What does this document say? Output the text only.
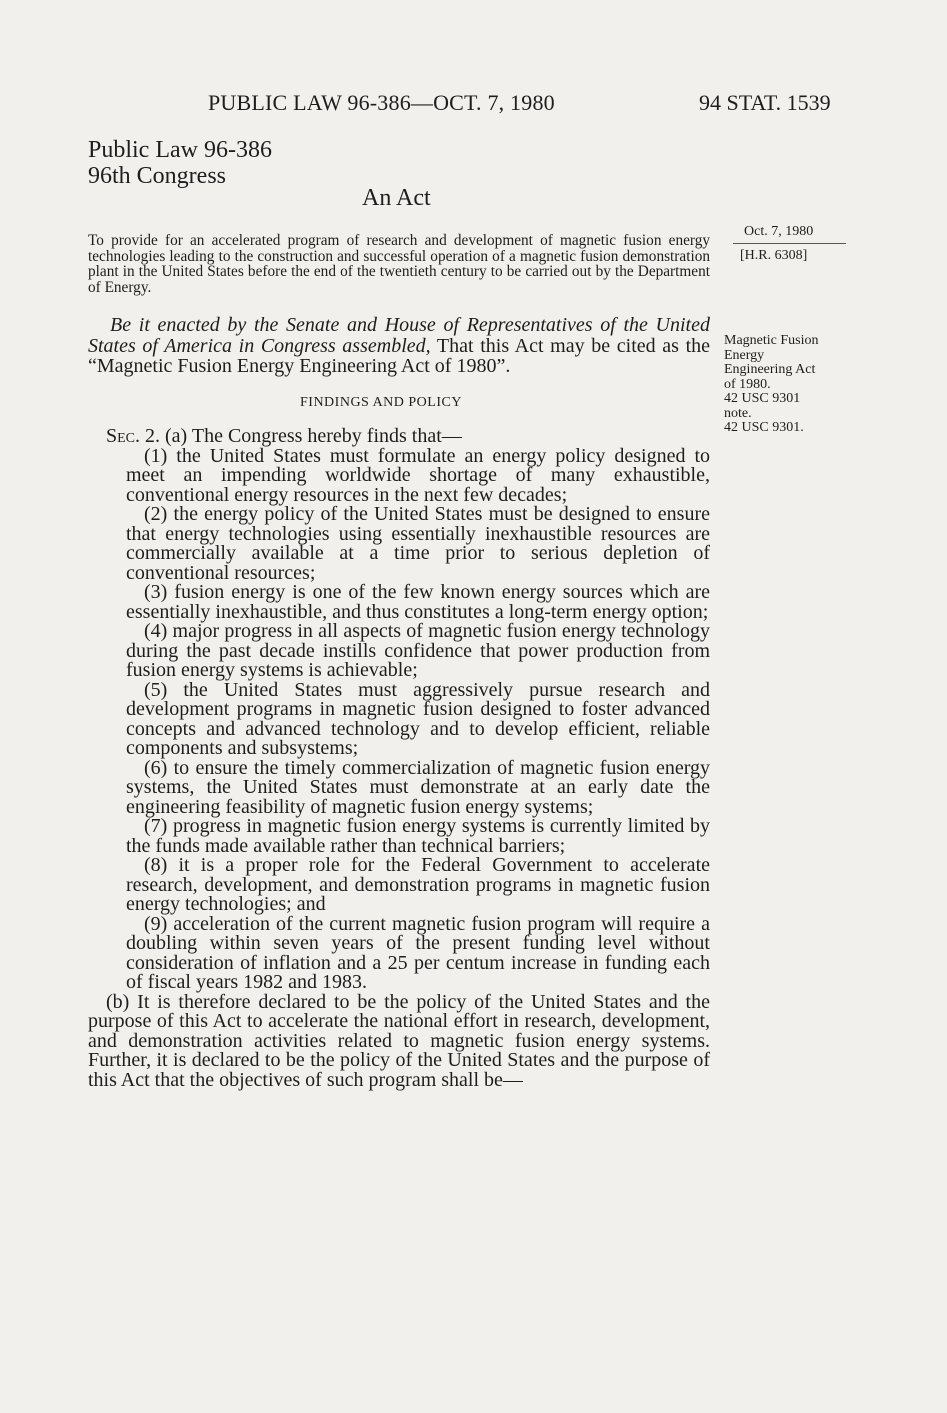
PUBLIC LAW 96-386—OCT. 7, 1980	94 STAT. 1539
Public Law 96-386
96th Congress
An Act
To provide for an accelerated program of research and development of magnetic fusion energy technologies leading to the construction and successful operation of a magnetic fusion demonstration plant in the United States before the end of the twentieth century to be carried out by the Department of Energy.
Oct. 7, 1980
[H.R. 6308]
Magnetic Fusion
Energy
Engineering Act
of 1980.
42 USC 9301
note.
42 USC 9301.
Be it enacted by the Senate and House of Representatives of the United States of America in Congress assembled, That this Act may be cited as the “Magnetic Fusion Energy Engineering Act of 1980”.
FINDINGS AND POLICY

Sec. 2. (a) The Congress hereby finds that—

(1) the United States must formulate an energy policy designed to meet an impending worldwide shortage of many exhaustible, conventional energy resources in the next few decades;

(2) the energy policy of the United States must be designed to ensure that energy technologies using essentially inexhaustible resources are commercially available at a time prior to serious depletion of conventional resources;

(3) fusion energy is one of the few known energy sources which are essentially inexhaustible, and thus constitutes a long-term energy option;

(4) major progress in all aspects of magnetic fusion energy technology during the past decade instills confidence that power production from fusion energy systems is achievable;

(5) the United States must aggressively pursue research and development programs in magnetic fusion designed to foster advanced concepts and advanced technology and to develop efficient, reliable components and subsystems;

(6) to ensure the timely commercialization of magnetic fusion energy systems, the United States must demonstrate at an early date the engineering feasibility of magnetic fusion energy systems;

(7) progress in magnetic fusion energy systems is currently limited by the funds made available rather than technical barriers;

(8) it is a proper role for the Federal Government to accelerate research, development, and demonstration programs in magnetic fusion energy technologies; and

(9) acceleration of the current magnetic fusion program will require a doubling within seven years of the present funding level without consideration of inflation and a 25 per centum increase in funding each of fiscal years 1982 and 1983.

(b) It is therefore declared to be the policy of the United States and the purpose of this Act to accelerate the national effort in research, development, and demonstration activities related to magnetic fusion energy systems. Further, it is declared to be the policy of the United States and the purpose of this Act that the objectives of such program shall be—
